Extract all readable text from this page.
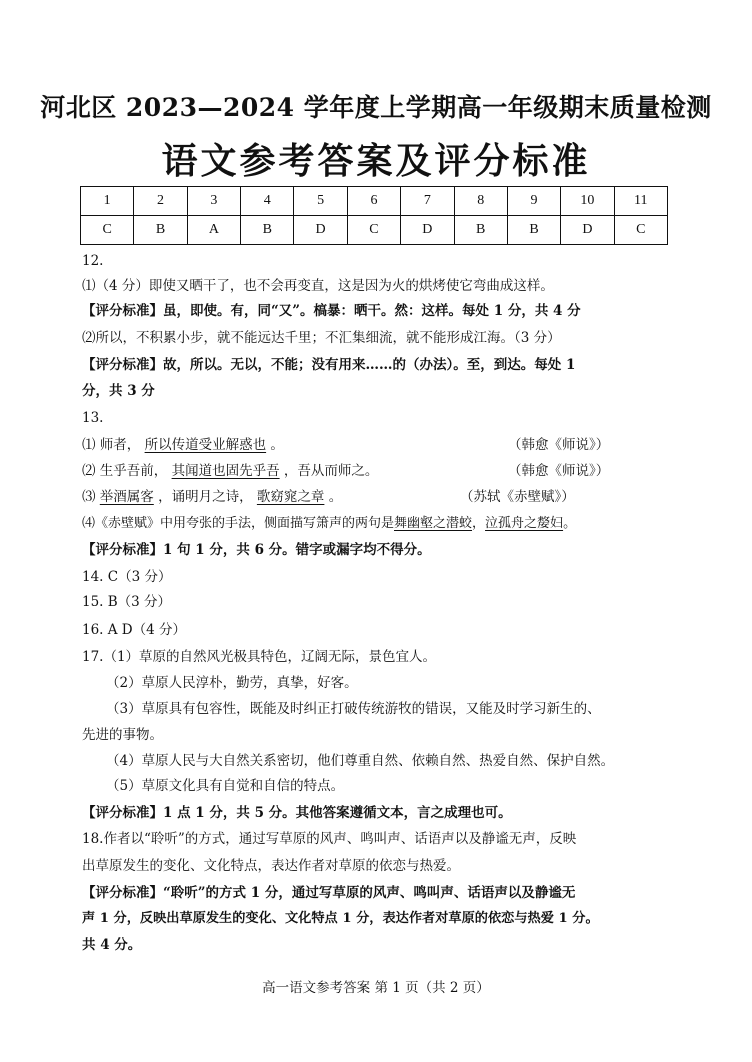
河北区 2023—2024 学年度上学期高一年级期末质量检测
语文参考答案及评分标准
1	2	3	4	5	6	7	8	9	10	11
C	B	A	B	D	C	D	B	B	D	C
12.
⑴（4 分）即使又晒干了，也不会再变直，这是因为火的烘烤使它弯曲成这样。
【评分标准】虽，即使。有，同“又”。槁暴：晒干。然：这样。每处 1 分，共 4 分
⑵所以，不积累小步，就不能远达千里；不汇集细流，就不能形成江海。（3 分）
【评分标准】故，所以。无以，不能；没有用来……的（办法）。至，到达。每处 1
分，共 3 分
13.
⑴ 师者， 所以传道受业解惑也 。	（韩愈《师说》）
⑵ 生乎吾前， 其闻道也固先乎吾 ，吾从而师之。	（韩愈《师说》）
⑶ 举酒属客 ，诵明月之诗， 歌窈窕之章 。	（苏轼《赤壁赋》）
⑷《赤壁赋》中用夸张的手法，侧面描写箫声的两句是舞幽壑之潜蛟，泣孤舟之嫠妇。
【评分标准】1 句 1 分，共 6 分。错字或漏字均不得分。
14. C（3 分）
15. B（3 分）
16. A D（4 分）
17.（1）草原的自然风光极具特色，辽阔无际，景色宜人。
（2）草原人民淳朴，勤劳，真挚，好客。
（3）草原具有包容性，既能及时纠正打破传统游牧的错误，又能及时学习新生的、
先进的事物。
（4）草原人民与大自然关系密切，他们尊重自然、依赖自然、热爱自然、保护自然。
（5）草原文化具有自觉和自信的特点。
【评分标准】1 点 1 分，共 5 分。其他答案遵循文本，言之成理也可。
18.作者以“聆听”的方式，通过写草原的风声、鸣叫声、话语声以及静谧无声，反映
出草原发生的变化、文化特点，表达作者对草原的依恋与热爱。
【评分标准】“聆听”的方式 1 分，通过写草原的风声、鸣叫声、话语声以及静谧无
声 1 分，反映出草原发生的变化、文化特点 1 分，表达作者对草原的依恋与热爱 1 分。
共 4 分。
高一语文参考答案 第 1 页（共 2 页）
